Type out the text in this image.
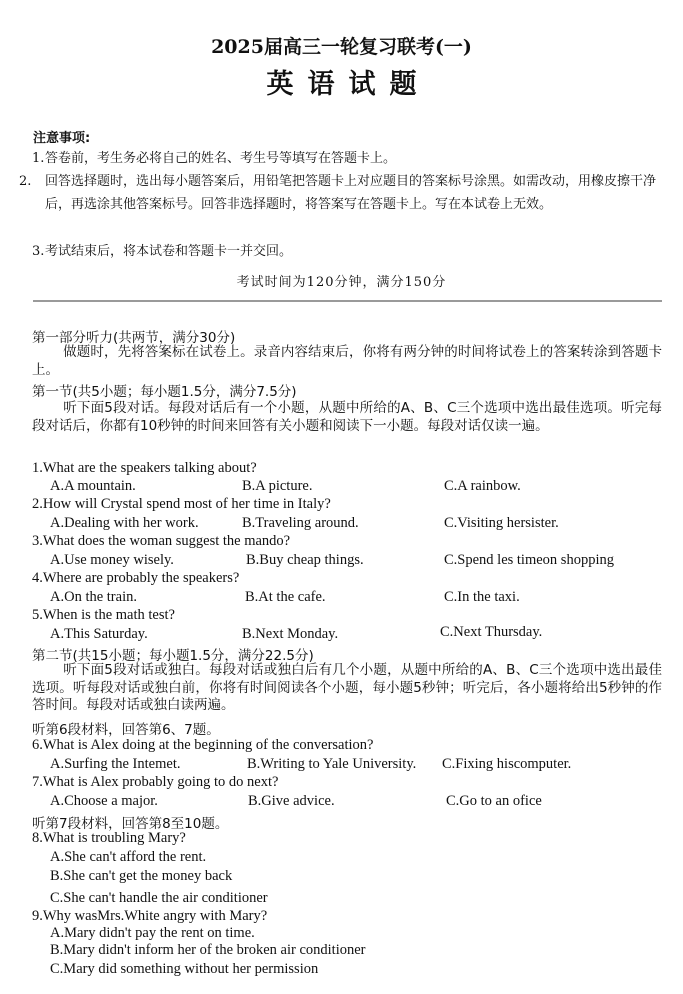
2025届高三一轮复习联考(一)
英语试题
注意事项:
1.答卷前，考生务必将自己的姓名、考生号等填写在答题卡上。
2. 回答选择题时，选出每小题答案后，用铅笔把答题卡上对应题目的答案标号涂黑。如需改动，用橡皮擦干净后，再选涂其他答案标号。回答非选择题时，将答案写在答题卡上。写在本试卷上无效。
3.考试结束后，将本试卷和答题卡一并交回。
考试时间为120分钟，满分150分
第一部分听力(共两节，满分30分)
做题时，先将答案标在试卷上。录音内容结束后，你将有两分钟的时间将试卷上的答案转涂到答题卡上。
第一节(共5小题；每小题1.5分，满分7.5分)
听下面5段对话。每段对话后有一个小题，从题中所给的A、B、C三个选项中选出最佳选项。听完每段对话后，你都有10秒钟的时间来回答有关小题和阅读下一小题。每段对话仅读一遍。
1.What are the speakers talking about?
A.A mountain.	B.A picture.	C.A rainbow.
2.How will Crystal spend most of her time in Italy?
A.Dealing with her work.	B.Traveling around.	C.Visiting hersister.
3.What does the woman suggest the mando?
A.Use money wisely.	B.Buy cheap things.	C.Spend les timeon shopping
4.Where are probably the speakers?
A.On the train.	B.At the cafe.	C.In the taxi.
5.When is the math test?
A.This Saturday.	B.Next Monday.	C.Next Thursday.
第二节(共15小题；每小题1.5分，满分22.5分)
听下面5段对话或独白。每段对话或独白后有几个小题，从题中所给的A、B、C三个选项中选出最佳选项。听每段对话或独白前，你将有时间阅读各个小题，每小题5秒钟；听完后，各小题将给出5秒钟的作答时间。每段对话或独白读两遍。
听第6段材料，回答第6、7题。
6.What is Alex doing at the beginning of the conversation?
A.Surfing the Intemet.	B.Writing to Yale University. C.Fixing hiscomputer.
7.What is Alex probably going to do next?
A.Choose a major.	B.Give advice.	C.Go to an ofice
听第7段材料，回答第8至10题。
8.What is troubling Mary?
A.She can't afford the rent.
B.She can't get the money back
C.She can't handle the air conditioner
9.Why wasMrs.White angry with Mary?
A.Mary didn't pay the rent on time.
B.Mary didn't inform her of the broken air conditioner
C.Mary did something without her permission
